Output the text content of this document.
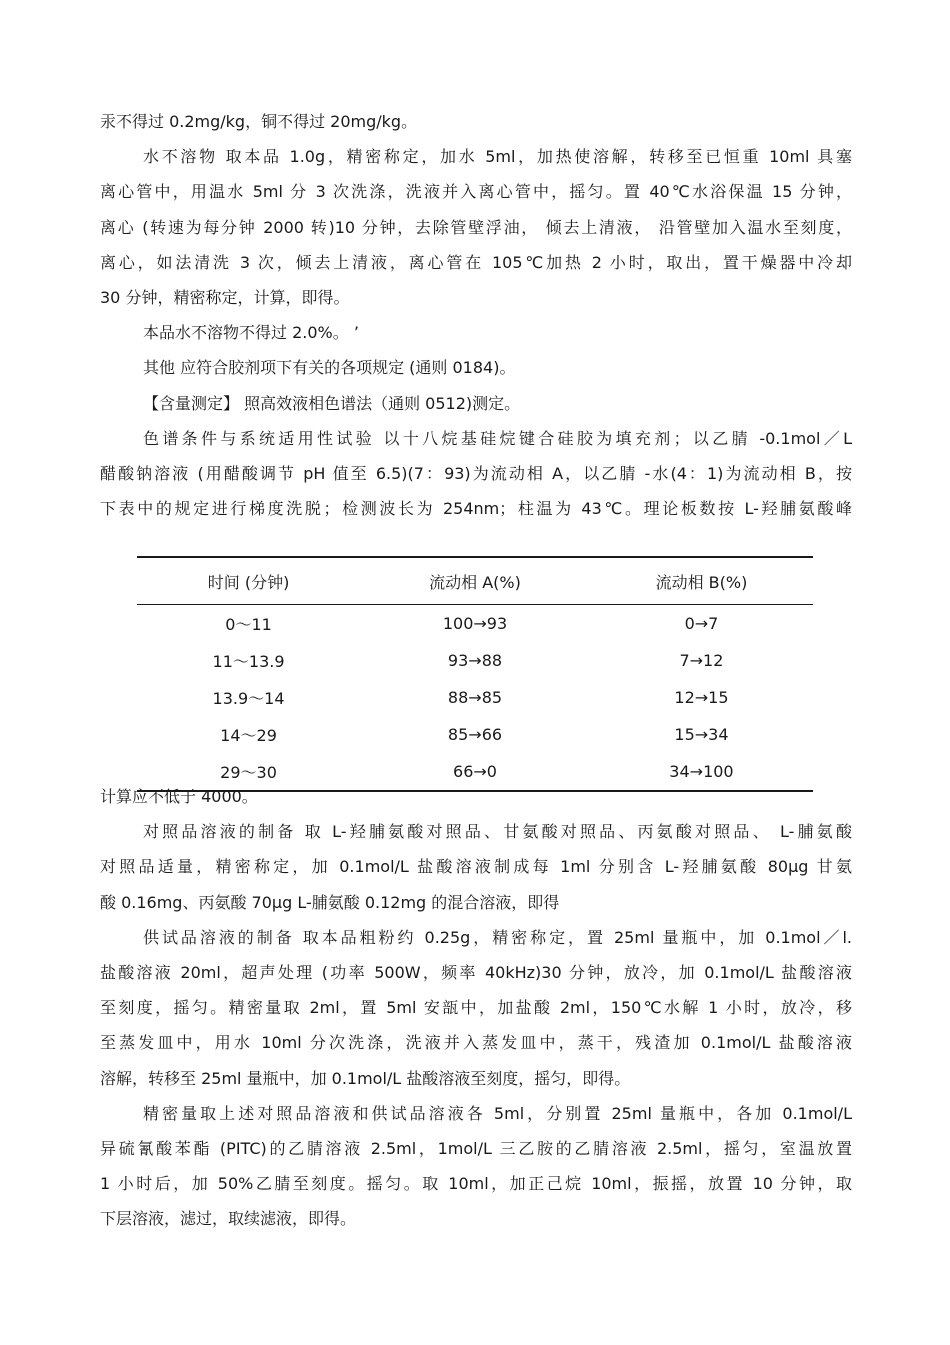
汞不得过 0.2mg/kg，铜不得过 20mg/kg。
水不溶物 取本品 1.0g，精密称定，加水 5ml，加热使溶解，转移至已恒重 10ml 具塞
离心管中，用温水 5ml 分 3 次洗涤，洗液并入离心管中，摇匀。置 40℃水浴保温 15 分钟，
离心 (转速为每分钟 2000 转)10 分钟，去除管壁浮油， 倾去上清液， 沿管壁加入温水至刻度，
离心，如法清洗 3 次，倾去上清液，离心管在 105℃加热 2 小时，取出，置干燥器中冷却
30 分钟，精密称定，计算，即得。
本品水不溶物不得过 2.0%。 ’
其他 应符合胶剂项下有关的各项规定 (通则 0184)。
【含量测定】 照高效液相色谱法（通则 0512)测定。
色谱条件与系统适用性试验 以十八烷基硅烷键合硅胶为填充剂；以乙腈 -0.1mol／L
醋酸钠溶液 (用醋酸调节 pH 值至 6.5)(7：93)为流动相 A，以乙腈 -水(4：1)为流动相 B，按
下表中的规定进行梯度洗脱；检测波长为 254nm；柱温为 43℃。理论板数按 L-羟脯氨酸峰
时间 (分钟)	流动相 A(%)	流动相 B(%)
0～11	100→93	0→7
11～13.9	93→88	7→12
13.9～14	88→85	12→15
14～29	85→66	15→34
29～30	66→0	34→100
计算应不低于 4000。
对照品溶液的制备 取 L-羟脯氨酸对照品、甘氨酸对照品、丙氨酸对照品、 L-脯氨酸
对照品适量，精密称定，加 0.1mol/L 盐酸溶液制成每 1ml 分别含 L-羟脯氨酸 80μg 甘氨
酸 0.16mg、丙氨酸 70μg L-脯氨酸 0.12mg 的混合溶液，即得
供试品溶液的制备 取本品粗粉约 0.25g，精密称定，置 25ml 量瓶中，加 0.1mol／l.
盐酸溶液 20ml，超声处理 (功率 500W，频率 40kHz)30 分钟，放冷，加 0.1mol/L 盐酸溶液
至刻度，摇匀。精密量取 2ml，置 5ml 安瓿中，加盐酸 2ml，150℃水解 1 小时，放冷，移
至蒸发皿中，用水 10ml 分次洗涤，洗液并入蒸发皿中，蒸干，残渣加 0.1mol/L 盐酸溶液
溶解，转移至 25ml 量瓶中，加 0.1mol/L 盐酸溶液至刻度，摇匀，即得。
精密量取上述对照品溶液和供试品溶液各 5ml，分别置 25ml 量瓶中，各加 0.1mol/L
异硫氰酸苯酯 (PITC)的乙腈溶液 2.5ml，1mol/L 三乙胺的乙腈溶液 2.5ml，摇匀，室温放置
1 小时后，加 50%乙腈至刻度。摇匀。取 10ml，加正己烷 10ml，振摇，放置 10 分钟，取
下层溶液，滤过，取续滤液，即得。
